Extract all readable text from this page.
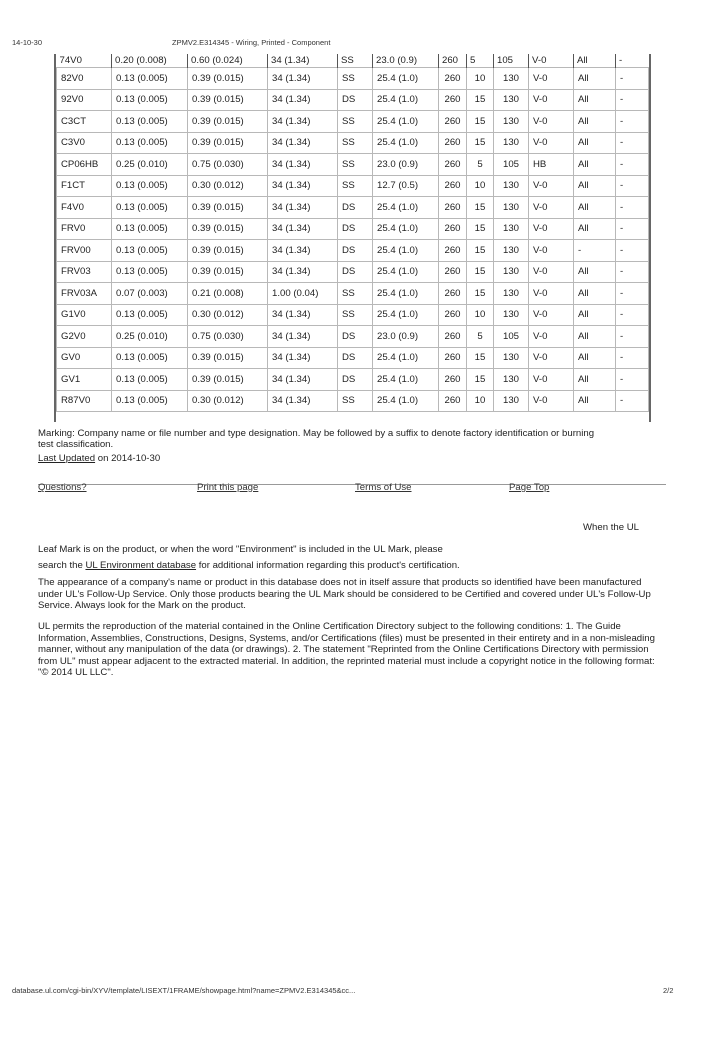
14-10-30	ZPMV2.E314345 - Wiring, Printed - Component
74V0	0.20 (0.008)	0.60 (0.024)	34 (1.34)	SS	23.0 (0.9)	260	5	105	V-0	All	-
82V0	0.13 (0.005)	0.39 (0.015)	34 (1.34)	SS	25.4 (1.0)	260	10	130	V-0	All	-
92V0	0.13 (0.005)	0.39 (0.015)	34 (1.34)	DS	25.4 (1.0)	260	15	130	V-0	All	-
C3CT	0.13 (0.005)	0.39 (0.015)	34 (1.34)	SS	25.4 (1.0)	260	15	130	V-0	All	-
C3V0	0.13 (0.005)	0.39 (0.015)	34 (1.34)	SS	25.4 (1.0)	260	15	130	V-0	All	-
CP06HB	0.25 (0.010)	0.75 (0.030)	34 (1.34)	SS	23.0 (0.9)	260	5	105	HB	All	-
F1CT	0.13 (0.005)	0.30 (0.012)	34 (1.34)	SS	12.7 (0.5)	260	10	130	V-0	All	-
F4V0	0.13 (0.005)	0.39 (0.015)	34 (1.34)	DS	25.4 (1.0)	260	15	130	V-0	All	-
FRV0	0.13 (0.005)	0.39 (0.015)	34 (1.34)	DS	25.4 (1.0)	260	15	130	V-0	All	-
FRV00	0.13 (0.005)	0.39 (0.015)	34 (1.34)	DS	25.4 (1.0)	260	15	130	V-0	-	-
FRV03	0.13 (0.005)	0.39 (0.015)	34 (1.34)	DS	25.4 (1.0)	260	15	130	V-0	All	-
FRV03A	0.07 (0.003)	0.21 (0.008)	1.00 (0.04)	SS	25.4 (1.0)	260	15	130	V-0	All	-
G1V0	0.13 (0.005)	0.30 (0.012)	34 (1.34)	SS	25.4 (1.0)	260	10	130	V-0	All	-
G2V0	0.25 (0.010)	0.75 (0.030)	34 (1.34)	DS	23.0 (0.9)	260	5	105	V-0	All	-
GV0	0.13 (0.005)	0.39 (0.015)	34 (1.34)	DS	25.4 (1.0)	260	15	130	V-0	All	-
GV1	0.13 (0.005)	0.39 (0.015)	34 (1.34)	DS	25.4 (1.0)	260	15	130	V-0	All	-
R87V0	0.13 (0.005)	0.30 (0.012)	34 (1.34)	SS	25.4 (1.0)	260	10	130	V-0	All	-
Marking: Company name or file number and type designation. May be followed by a suffix to denote factory identification or burning test classification.
Last Updated on 2014-10-30
Questions?	Print this page	Terms of Use	Page Top
When the UL
Leaf Mark is on the product, or when the word "Environment" is included in the UL Mark, please
search the UL Environment database for additional information regarding this product's certification.
The appearance of a company's name or product in this database does not in itself assure that products so identified have been manufactured under UL's Follow-Up Service. Only those products bearing the UL Mark should be considered to be Certified and covered under UL's Follow-Up Service. Always look for the Mark on the product.
UL permits the reproduction of the material contained in the Online Certification Directory subject to the following conditions: 1. The Guide Information, Assemblies, Constructions, Designs, Systems, and/or Certifications (files) must be presented in their entirety and in a non-misleading manner, without any manipulation of the data (or drawings). 2. The statement "Reprinted from the Online Certifications Directory with permission from UL" must appear adjacent to the extracted material. In addition, the reprinted material must include a copyright notice in the following format: "© 2014 UL LLC".
database.ul.com/cgi-bin/XYV/template/LISEXT/1FRAME/showpage.html?name=ZPMV2.E314345&cc...	2/2
